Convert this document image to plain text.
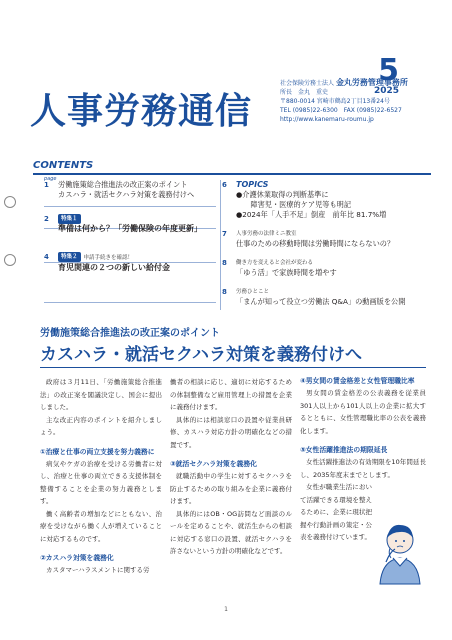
5
2025
人事労務通信
社会保険労務士法人 金丸労務管理事務所
所長　金丸　重史
〒880-0014 宮崎市鶴島2丁目13番24号
TEL (0985)22-6300　FAX (0985)22-6527
http://www.kanemaru-roumu.jp
CONTENTS
page
1 労働施策総合推進法の改正案のポイント
カスハラ・就活セクハラ対策を義務付けへ
2	特集１
準備は何から？「労働保険の年度更新」
4	特集２ 申請手続きを確認！
育児関連の２つの新しい給付金
6 TOPICS
●介護休業取得の判断基準に
　　障害児・医療的ケア児等も明記
●2024年「人手不足」倒産　前年比 81.7%増
7 人事労務の法律ミニ教室
仕事のための移動時間は労働時間にならないの？
8 働き方を変えると会社が変わる
「ゆう活」で家族時間を増やす
8 労務ひとこと
「まんが知って役立つ労働法 Q&A」の動画版を公開
労働施策総合推進法の改正案のポイント
カスハラ・就活セクハラ対策を義務付けへ

政府は３月11日、「労働施策総合推進法」の改正案を閣議決定し、国会に提出しました。

主な改正内容のポイントを紹介しましょう。

①治療と仕事の両立支援を努力義務に

病気やケガの治療を受ける労働者に対し、治療と仕事の両立できる支援体制を整備することを企業の努力義務とします。

働く高齢者の増加などにともない、治療を受けながら働く人が増えていることに対応するものです。

②カスハラ対策を義務化

カスタマーハラスメントに関する労

働者の相談に応じ、適切に対応するための体制整備など雇用管理上の措置を企業に義務付けます。

具体的には相談窓口の設置や従業員研修、カスハラ対応方針の明確化などの措置です。

③就活セクハラ対策を義務化

就職活動中の学生に対するセクハラを防止するための取り組みを企業に義務付けます。

具体的にはOB・OG訪問など面談のルールを定めることや、就活生からの相談に対応する窓口の設置、就活セクハラを許さないという方針の明確化などです。

④男女間の賃金格差と女性管理職比率

男女間の賃金格差の公表義務を従業員301人以上から101人以上の企業に拡大するとともに、女性管理職比率の公表を義務化します。

⑤女性活躍推進法の期限延長

女性活躍推進法の有効期限を10年間延長し、2035年度末までとします。

女性が職業生活において活躍できる環境を整えるために、企業に現状把握や行動計画の策定・公表を義務付けています。

1
